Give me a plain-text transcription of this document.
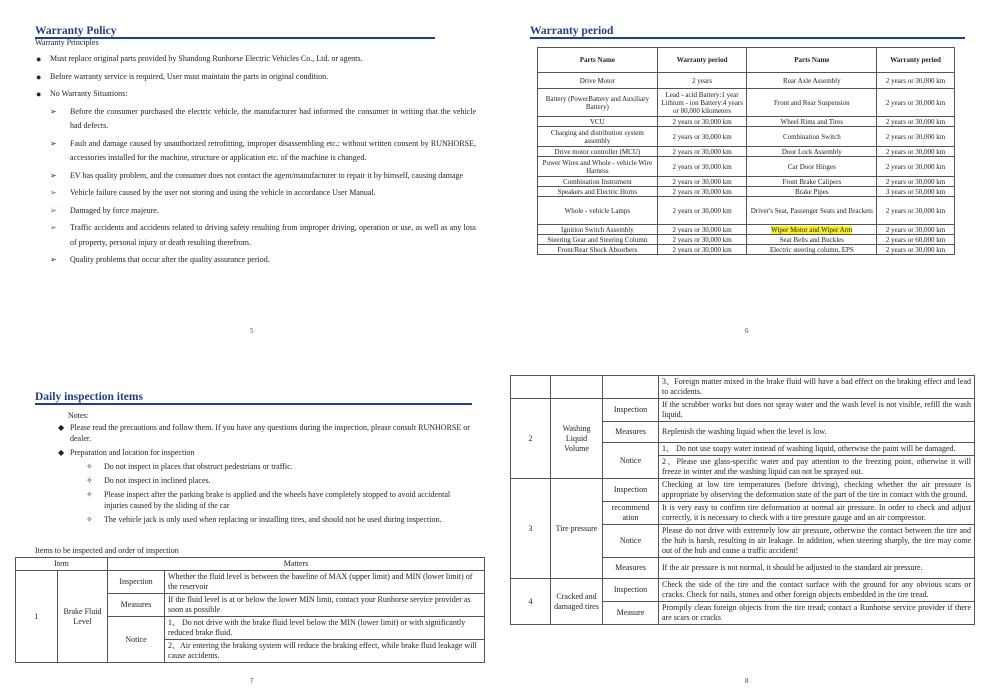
Warranty Policy
Warranty Principles
● Must replace original parts provided by Shandong Runhorse Electric Vehicles Co., Ltd. or agents.
● Before warranty service is required, User must maintain the parts in original condition.
● No Warranty Situations:
➢ Before the consumer purchased the electric vehicle, the manufacturer had informed the consumer in writing that the vehicle had defects.
➢ Fault and damage caused by unauthorized retrofitting, improper disassembling etc.: without written consent by RUNHORSE, accessories installed for the machine, structure or application etc. of the machine is changed.
➢ EV has quality problem, and the consumer does not contact the agent/manufacturer to repair it by himself, causing damage
➢ Vehicle failure caused by the user not storing and using the vehicle in accordance User Manual.
➢ Damaged by force majeure.
➢ Traffic accidents and accidents related to driving safety resulting from improper driving, operation or use, as well as any loss of property, personal injury or death resulting therefrom.
➢ Quality problems that occur after the quality assurance period.
5
Warranty period
Parts Name	Warranty period	Parts Name	Warranty period
Drive Motor	2 years	Rear Axle Assembly	2 years or 30,000 km
Battery (PowerBattery and Auxiliary Battery)	Lead - acid Battery:1 year Lithium - ion Battery:4 years or 80,000 kilometers	Front and Rear Suspension	2 years or 30,000 km
VCU	2 years or 30,000 km	Wheel Rims and Tires	2 years or 30,000 km
Charging and distribution system assembly	2 years or 30,000 km	Combination Switch	2 years or 30,000 km
Drive motor controller (MCU)	2 years or 30,000 km	Door Lock Assembly	2 years or 30,000 km
Power Wires and Whole - vehicle Wire Harness	2 years or 30,000 km	Car Door Hinges	2 years or 30,000 km
Combination Instrument	2 years or 30,000 km	Front Brake Calipers	2 years or 30,000 km
Speakers and Electric Horns	2 years or 30,000 km	Brake Pipes	3 years or 50,000 km
Whole - vehicle Lamps	2 years or 30,000 km	Driver's Seat, Passenger Seats and Brackets	2 years or 30,000 km
Ignition Switch Assembly	2 years or 30,000 km	Wiper Motor and Wiper Arm	2 years or 30,000 km
Steering Gear and Steering Column	2 years or 30,000 km	Seat Belts and Buckles	2 years or 60,000 km
Front/Rear Shock Absorbers	2 years or 30,000 km	Electric steering column, EPS	2 years or 30,000 km
6
Daily inspection items
Notes:
◆ Please read the precautions and follow them. If you have any questions during the inspection, please consult RUNHORSE or dealer.
◆ Preparation and location for inspection
✧ Do not inspect in places that obstruct pedestrians or traffic.
✧ Do not inspect in inclined places.
✧ Please inspect after the parking brake is applied and the wheels have completely stopped to avoid accidental injuries caused by the sliding of the car
✧ The vehicle jack is only used when replacing or installing tires, and should not be used during inspection.
Items to be inspected and order of inspection
Item		Matters	
1	Brake Fluid Level	Inspection	Whether the fluid level is between the baseline of MAX (upper limit) and MIN (lower limit) of the reservoir
		Measures	If the fluid level is at or below the lower MIN limit, contact your Runhorse service provider as soon as possible
		Notice	1、 Do not drive with the brake fluid level below the MIN (lower limit) or with significantly reduced brake fluid.
			2、Air entering the braking system will reduce the braking effect, while brake fluid leakage will cause accidents.
7
			3、Foreign matter mixed in the brake fluid will have a bad effect on the braking effect and lead to accidents.
2	Washing Liquid Volume	Inspection	If the scrubber works but does not spray water and the wash level is not visible, refill the wash liquid.
		Measures	Replenish the washing liquid when the level is low.
		Notice	1、 Do not use soapy water instead of washing liquid, otherwise the paint will be damaged.
			2、Please use glass-specific water and pay attention to the freezing point, otherwise it will freeze in winter and the washing liquid can not be sprayed out.
3	Tire pressure	Inspection	Checking at low tire temperatures (before driving), checking whether the air pressure is appropriate by observing the deformation state of the part of the tire in contact with the ground.
		recommend ation	It is very easy to confirm tire deformation at normal air pressure. In order to check and adjust correctly, it is necessary to check with a tire pressure gauge and an air compressor.
		Notice	Please do not drive with extremely low air pressure, otherwise the contact between the tire and the hub is harsh, resulting in air leakage. In addition, when steering sharply, the tire may come out of the hub and cause a traffic accident!
		Measures	If the air pressure is not normal, it should be adjusted to the standard air pressure.
4	Cracked and damaged tires	Inspection	Check the side of the tire and the contact surface with the ground for any obvious scars or cracks. Check for nails, stones and other foreign objects embedded in the tire tread.
		Measure	Promptly clean foreign objects from the tire tread; contact a Runhorse service provider if there are scars or cracks
8
